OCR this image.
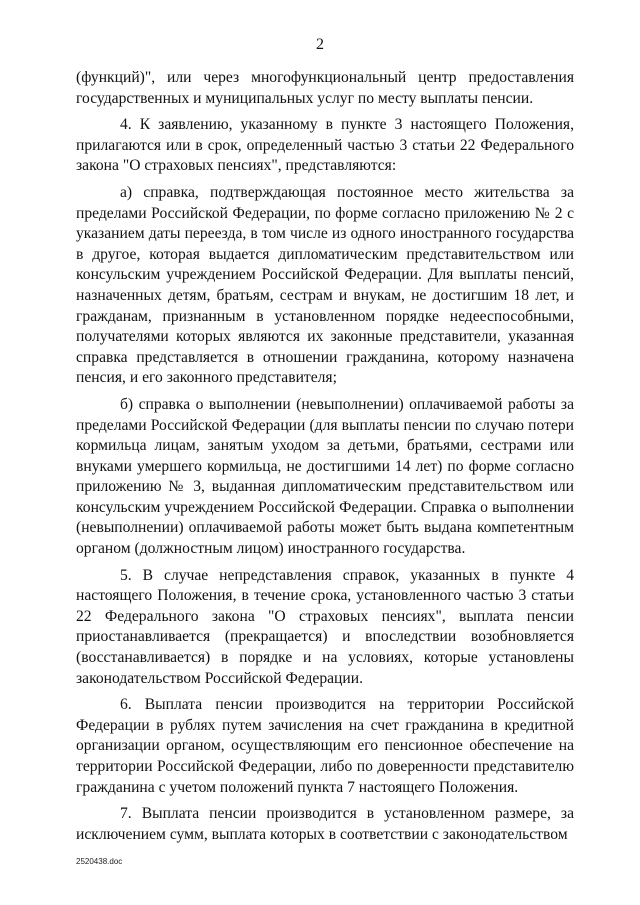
2

(функций)", или через многофункциональный центр предоставления государственных и муниципальных услуг по месту выплаты пенсии.

4. К заявлению, указанному в пункте 3 настоящего Положения, прилагаются или в срок, определенный частью 3 статьи 22 Федерального закона "О страховых пенсиях", представляются:

а) справка, подтверждающая постоянное место жительства за пределами Российской Федерации, по форме согласно приложению № 2 с указанием даты переезда, в том числе из одного иностранного государства в другое, которая выдается дипломатическим представительством или консульским учреждением Российской Федерации. Для выплаты пенсий, назначенных детям, братьям, сестрам и внукам, не достигшим 18 лет, и гражданам, признанным в установленном порядке недееспособными, получателями которых являются их законные представители, указанная справка представляется в отношении гражданина, которому назначена пенсия, и его законного представителя;

б) справка о выполнении (невыполнении) оплачиваемой работы за пределами Российской Федерации (для выплаты пенсии по случаю потери кормильца лицам, занятым уходом за детьми, братьями, сестрами или внуками умершего кормильца, не достигшими 14 лет) по форме согласно приложению № 3, выданная дипломатическим представительством или консульским учреждением Российской Федерации. Справка о выполнении (невыполнении) оплачиваемой работы может быть выдана компетентным органом (должностным лицом) иностранного государства.

5. В случае непредставления справок, указанных в пункте 4 настоящего Положения, в течение срока, установленного частью 3 статьи 22 Федерального закона "О страховых пенсиях", выплата пенсии приостанавливается (прекращается) и впоследствии возобновляется (восстанавливается) в порядке и на условиях, которые установлены законодательством Российской Федерации.

6. Выплата пенсии производится на территории Российской Федерации в рублях путем зачисления на счет гражданина в кредитной организации органом, осуществляющим его пенсионное обеспечение на территории Российской Федерации, либо по доверенности представителю гражданина с учетом положений пункта 7 настоящего Положения.

7. Выплата пенсии производится в установленном размере, за исключением сумм, выплата которых в соответствии с законодательством

2520438.doc
